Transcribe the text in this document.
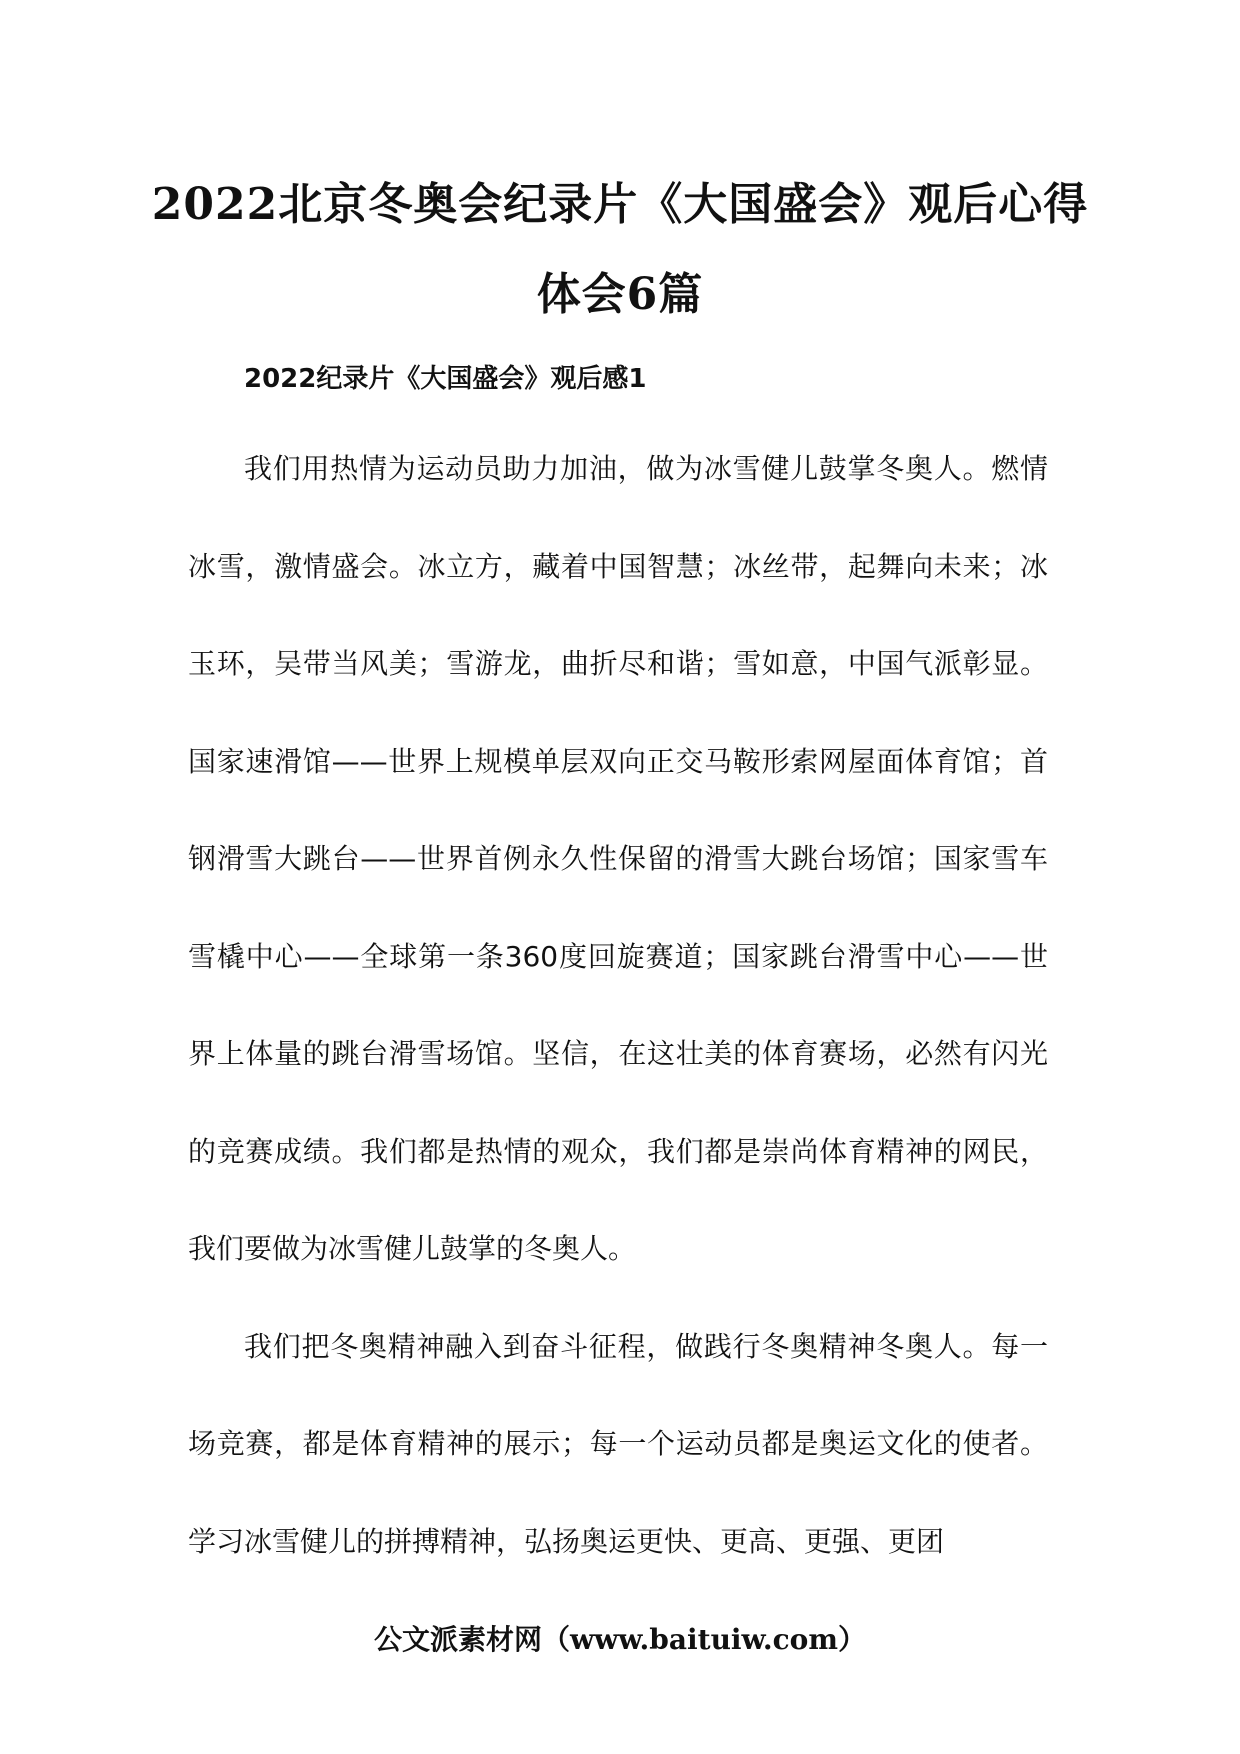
2022北京冬奥会纪录片《大国盛会》观后心得体会6篇
2022纪录片《大国盛会》观后感1

我们用热情为运动员助力加油，做为冰雪健儿鼓掌冬奥人。燃情冰雪，激情盛会。冰立方，藏着中国智慧；冰丝带，起舞向未来；冰玉环，吴带当风美；雪游龙，曲折尽和谐；雪如意，中国气派彰显。国家速滑馆——世界上规模单层双向正交马鞍形索网屋面体育馆；首钢滑雪大跳台——世界首例永久性保留的滑雪大跳台场馆；国家雪车雪橇中心——全球第一条360度回旋赛道；国家跳台滑雪中心——世界上体量的跳台滑雪场馆。坚信，在这壮美的体育赛场，必然有闪光的竞赛成绩。我们都是热情的观众，我们都是崇尚体育精神的网民，我们要做为冰雪健儿鼓掌的冬奥人。

我们把冬奥精神融入到奋斗征程，做践行冬奥精神冬奥人。每一场竞赛，都是体育精神的展示；每一个运动员都是奥运文化的使者。学习冰雪健儿的拼搏精神，弘扬奥运更快、更高、更强、更团

公文派素材网（www.baituiw.com）
